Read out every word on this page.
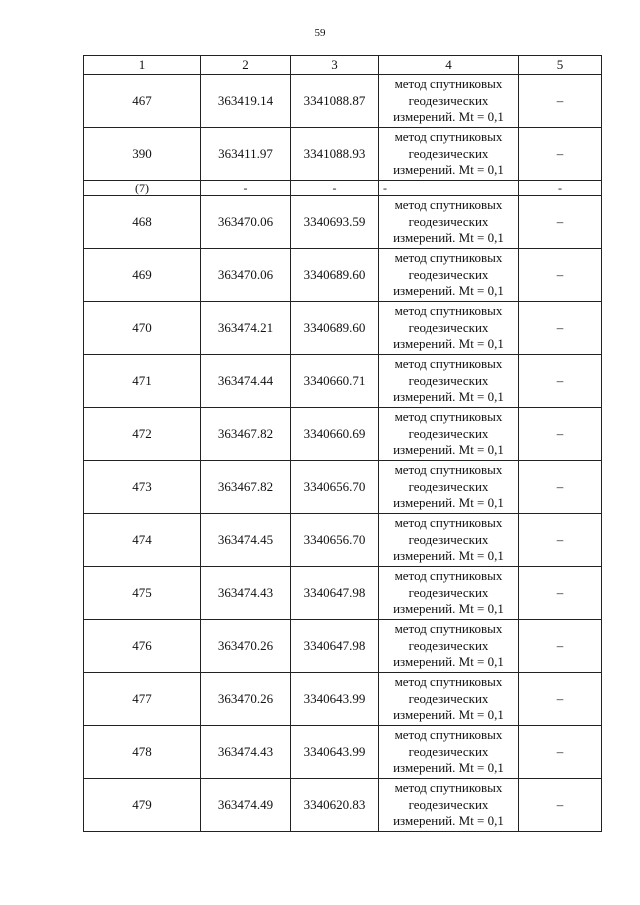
59
1	2	3	4	5
467	363419.14	3341088.87	метод спутниковых
геодезических
измерений. Mt = 0,1	–
390	363411.97	3341088.93	метод спутниковых
геодезических
измерений. Mt = 0,1	–
(7)	-	-	-	-
468	363470.06	3340693.59	метод спутниковых
геодезических
измерений. Mt = 0,1	–
469	363470.06	3340689.60	метод спутниковых
геодезических
измерений. Mt = 0,1	–
470	363474.21	3340689.60	метод спутниковых
геодезических
измерений. Mt = 0,1	–
471	363474.44	3340660.71	метод спутниковых
геодезических
измерений. Mt = 0,1	–
472	363467.82	3340660.69	метод спутниковых
геодезических
измерений. Mt = 0,1	–
473	363467.82	3340656.70	метод спутниковых
геодезических
измерений. Mt = 0,1	–
474	363474.45	3340656.70	метод спутниковых
геодезических
измерений. Mt = 0,1	–
475	363474.43	3340647.98	метод спутниковых
геодезических
измерений. Mt = 0,1	–
476	363470.26	3340647.98	метод спутниковых
геодезических
измерений. Mt = 0,1	–
477	363470.26	3340643.99	метод спутниковых
геодезических
измерений. Mt = 0,1	–
478	363474.43	3340643.99	метод спутниковых
геодезических
измерений. Mt = 0,1	–
479	363474.49	3340620.83	метод спутниковых
геодезических
измерений. Mt = 0,1	–
